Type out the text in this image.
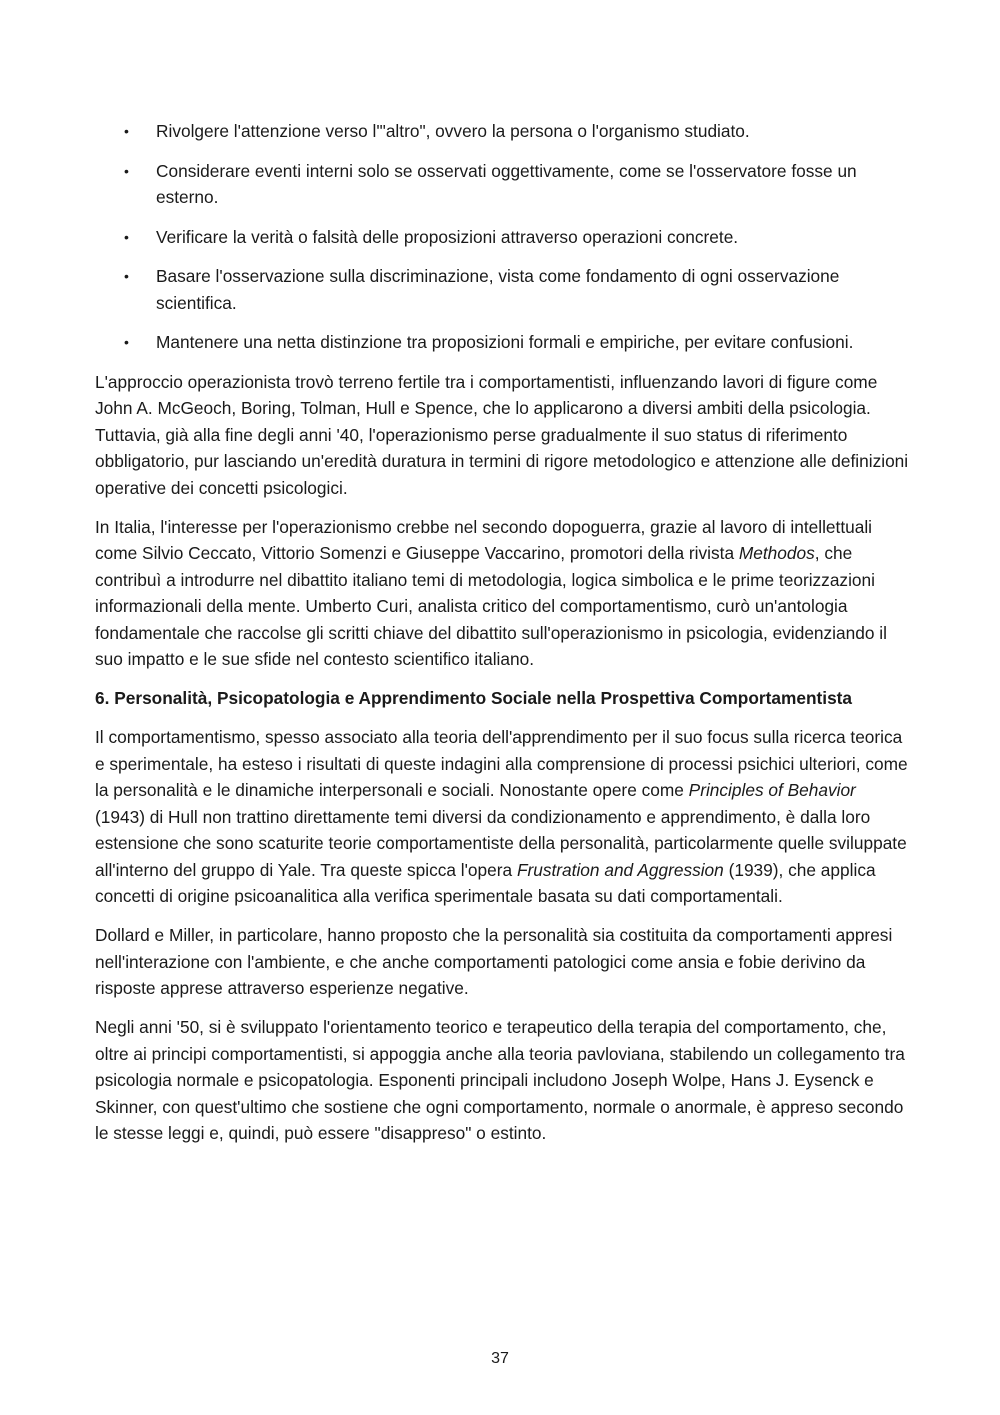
• Rivolgere l'attenzione verso l'"altro", ovvero la persona o l'organismo studiato.
• Considerare eventi interni solo se osservati oggettivamente, come se l'osservatore fosse un esterno.
• Verificare la verità o falsità delle proposizioni attraverso operazioni concrete.
• Basare l'osservazione sulla discriminazione, vista come fondamento di ogni osservazione scientifica.
• Mantenere una netta distinzione tra proposizioni formali e empiriche, per evitare confusioni.

L'approccio operazionista trovò terreno fertile tra i comportamentisti, influenzando lavori di figure come John A. McGeoch, Boring, Tolman, Hull e Spence, che lo applicarono a diversi ambiti della psicologia. Tuttavia, già alla fine degli anni '40, l'operazionismo perse gradualmente il suo status di riferimento obbligatorio, pur lasciando un'eredità duratura in termini di rigore metodologico e attenzione alle definizioni operative dei concetti psicologici.

In Italia, l'interesse per l'operazionismo crebbe nel secondo dopoguerra, grazie al lavoro di intellettuali come Silvio Ceccato, Vittorio Somenzi e Giuseppe Vaccarino, promotori della rivista Methodos, che contribuì a introdurre nel dibattito italiano temi di metodologia, logica simbolica e le prime teorizzazioni informazionali della mente. Umberto Curi, analista critico del comportamentismo, curò un'antologia fondamentale che raccolse gli scritti chiave del dibattito sull'operazionismo in psicologia, evidenziando il suo impatto e le sue sfide nel contesto scientifico italiano.

6. Personalità, Psicopatologia e Apprendimento Sociale nella Prospettiva Comportamentista

Il comportamentismo, spesso associato alla teoria dell'apprendimento per il suo focus sulla ricerca teorica e sperimentale, ha esteso i risultati di queste indagini alla comprensione di processi psichici ulteriori, come la personalità e le dinamiche interpersonali e sociali. Nonostante opere come Principles of Behavior (1943) di Hull non trattino direttamente temi diversi da condizionamento e apprendimento, è dalla loro estensione che sono scaturite teorie comportamentiste della personalità, particolarmente quelle sviluppate all'interno del gruppo di Yale. Tra queste spicca l'opera Frustration and Aggression (1939), che applica concetti di origine psicoanalitica alla verifica sperimentale basata su dati comportamentali.

Dollard e Miller, in particolare, hanno proposto che la personalità sia costituita da comportamenti appresi nell'interazione con l'ambiente, e che anche comportamenti patologici come ansia e fobie derivino da risposte apprese attraverso esperienze negative.

Negli anni '50, si è sviluppato l'orientamento teorico e terapeutico della terapia del comportamento, che, oltre ai principi comportamentisti, si appoggia anche alla teoria pavloviana, stabilendo un collegamento tra psicologia normale e psicopatologia. Esponenti principali includono Joseph Wolpe, Hans J. Eysenck e Skinner, con quest'ultimo che sostiene che ogni comportamento, normale o anormale, è appreso secondo le stesse leggi e, quindi, può essere "disappreso" o estinto.

37
